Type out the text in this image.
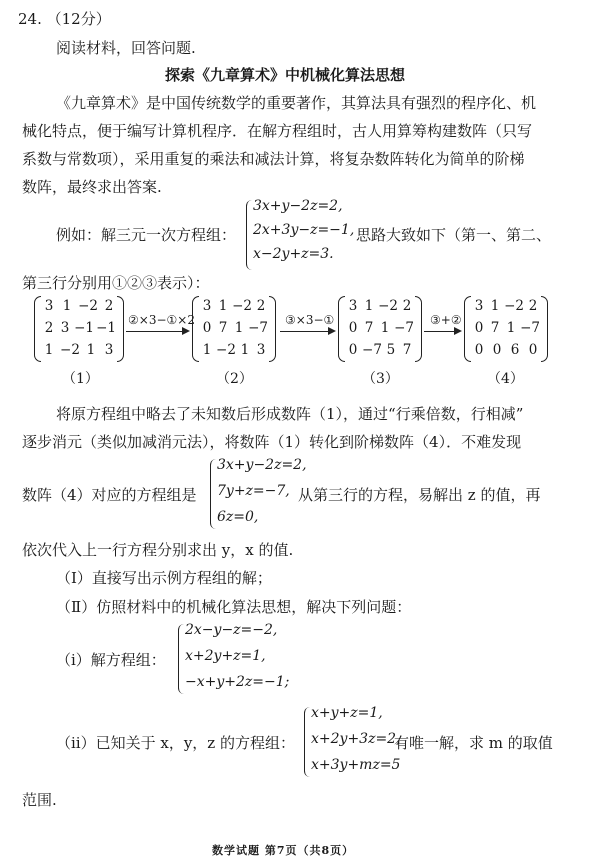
24. （12分）
阅读材料，回答问题.
探索《九章算术》中机械化算法思想
《九章算术》是中国传统数学的重要著作，其算法具有强烈的程序化、机
械化特点，便于编写计算机程序．在解方程组时，古人用算筹构建数阵（只写
系数与常数项），采用重复的乘法和减法计算，将复杂数阵转化为简单的阶梯
数阵，最终求出答案.
例如：解三元一次方程组：
3x+y−2z=2,
2x+3y−z=−1,
x−2y+z=3.
思路大致如下（第一、第二、
第三行分别用①②③表示）：
3 1 −2 2
2 3 −1 −1
1 −2 1 3
②×3−①×2
3 1 −2 2
0 7 1 −7
1 −2 1 3
③×3−①
3 1 −2 2
0 7 1 −7
0 −7 5 7
③+②
3 1 −2 2
0 7 1 −7
0 0 6 0
（1）	（2）	（3）	（4）
将原方程组中略去了未知数后形成数阵（1），通过“行乘倍数，行相减”
逐步消元（类似加减消元法），将数阵（1）转化到阶梯数阵（4）．不难发现
数阵（4）对应的方程组是
3x+y−2z=2,
7y+z=−7,
6z=0,
从第三行的方程，易解出 z 的值，再
依次代入上一行方程分别求出 y，x 的值.
（Ⅰ）直接写出示例方程组的解；
（Ⅱ）仿照材料中的机械化算法思想，解决下列问题：
（ⅰ）解方程组：
2x−y−z=−2,
x+2y+z=1,
−x+y+2z=−1;
（ⅱ）已知关于 x，y，z 的方程组：
x+y+z=1,
x+2y+3z=2,
x+3y+mz=5
有唯一解，求 m 的取值
范围.
数学试题 第7页（共8页）
